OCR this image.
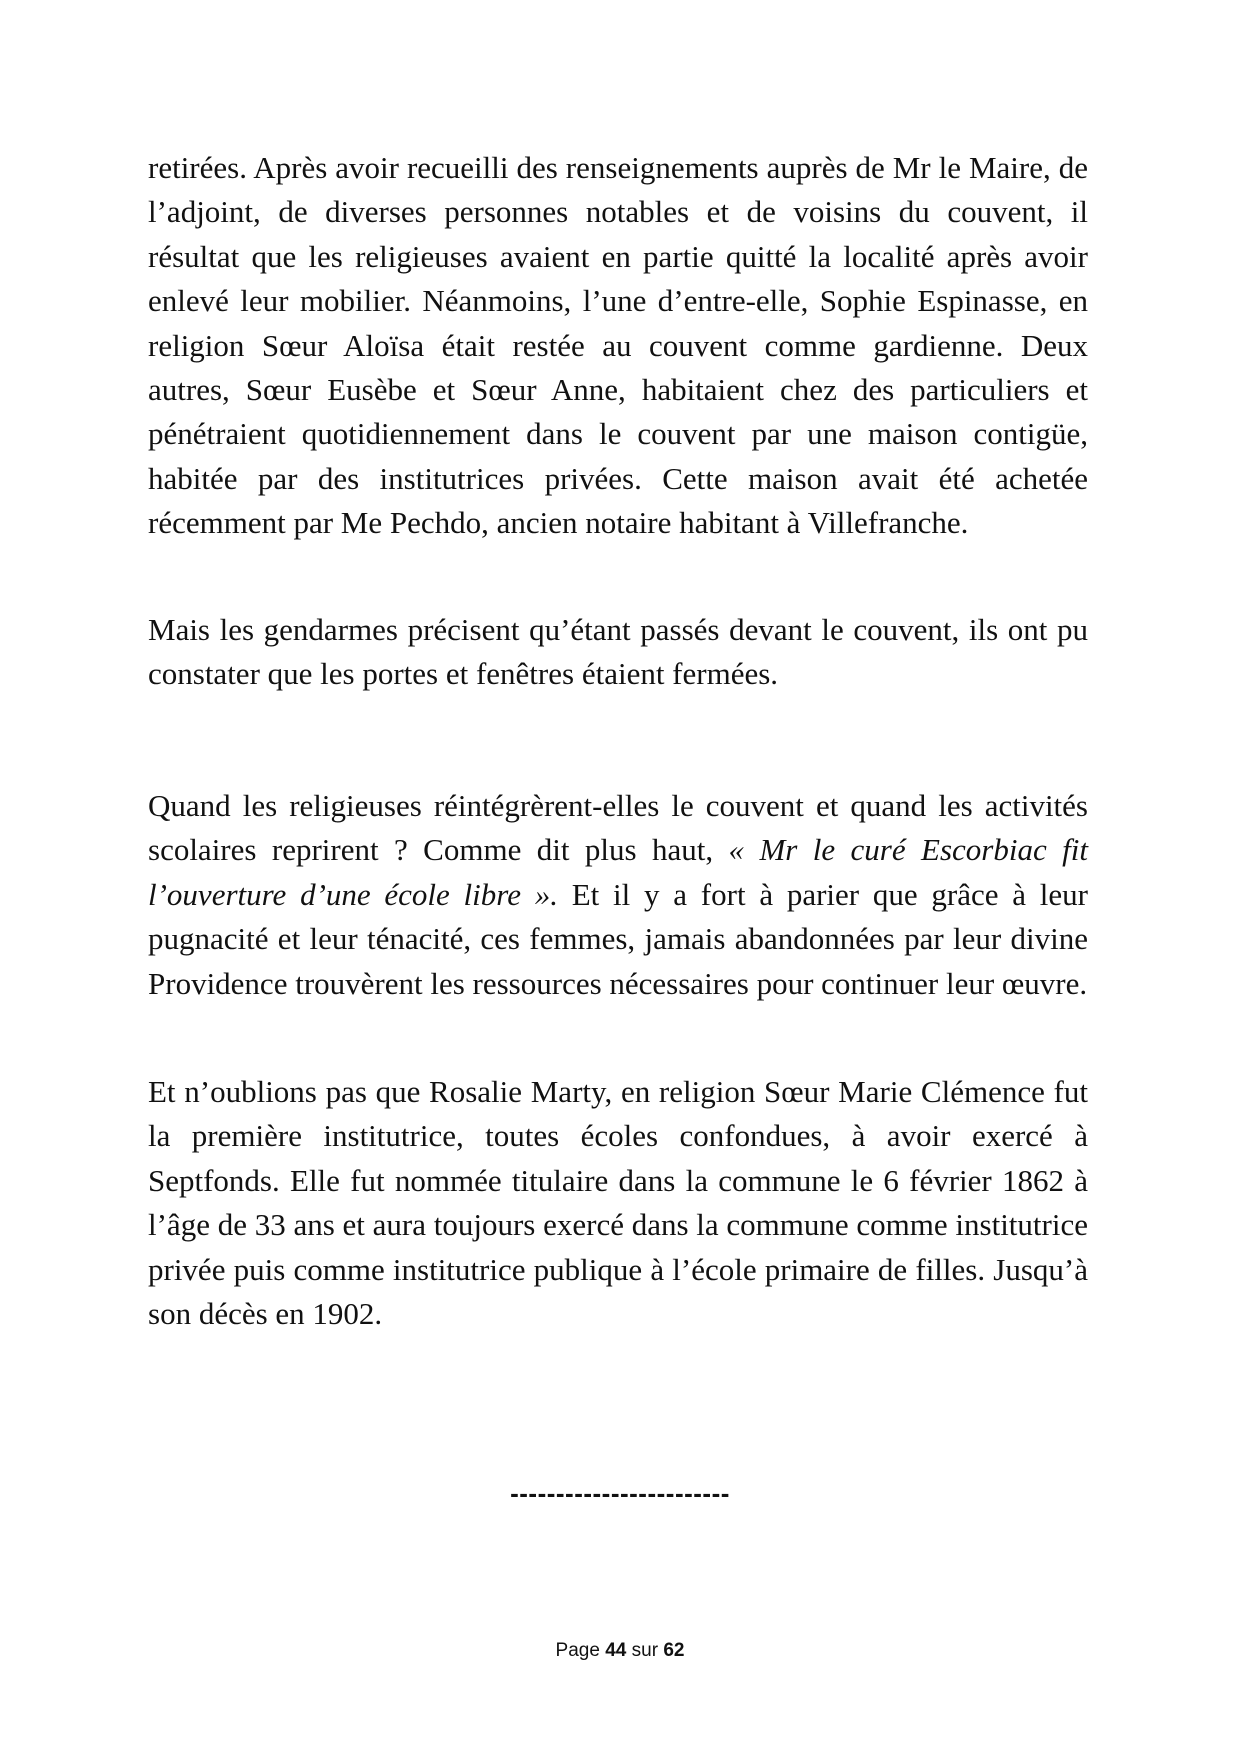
retirées. Après avoir recueilli des renseignements auprès de Mr le Maire, de l’adjoint, de diverses personnes notables et de voisins du couvent, il résultat que les religieuses avaient en partie quitté la localité après avoir enlevé leur mobilier. Néanmoins, l’une d’entre-elle, Sophie Espinasse, en religion Sœur Aloïsa était restée au couvent comme gardienne. Deux autres, Sœur Eusèbe et Sœur Anne, habitaient chez des particuliers et pénétraient quotidiennement dans le couvent par une maison contigüe, habitée par des institutrices privées. Cette maison avait été achetée récemment par Me Pechdo, ancien notaire habitant à Villefranche.

Mais les gendarmes précisent qu’étant passés devant le couvent, ils ont pu constater que les portes et fenêtres étaient fermées.

Quand les religieuses réintégrèrent-elles le couvent et quand les activités scolaires reprirent ? Comme dit plus haut, « Mr le curé Escorbiac fit l’ouverture d’une école libre ». Et il y a fort à parier que grâce à leur pugnacité et leur ténacité, ces femmes, jamais abandonnées par leur divine Providence trouvèrent les ressources nécessaires pour continuer leur œuvre.

Et n’oublions pas que Rosalie Marty, en religion Sœur Marie Clémence fut la première institutrice, toutes écoles confondues, à avoir exercé à Septfonds. Elle fut nommée titulaire dans la commune le 6 février 1862 à l’âge de 33 ans et aura toujours exercé dans la commune comme institutrice privée puis comme institutrice publique à l’école primaire de filles. Jusqu’à son décès en 1902.

------------------------
Page 44 sur 62
